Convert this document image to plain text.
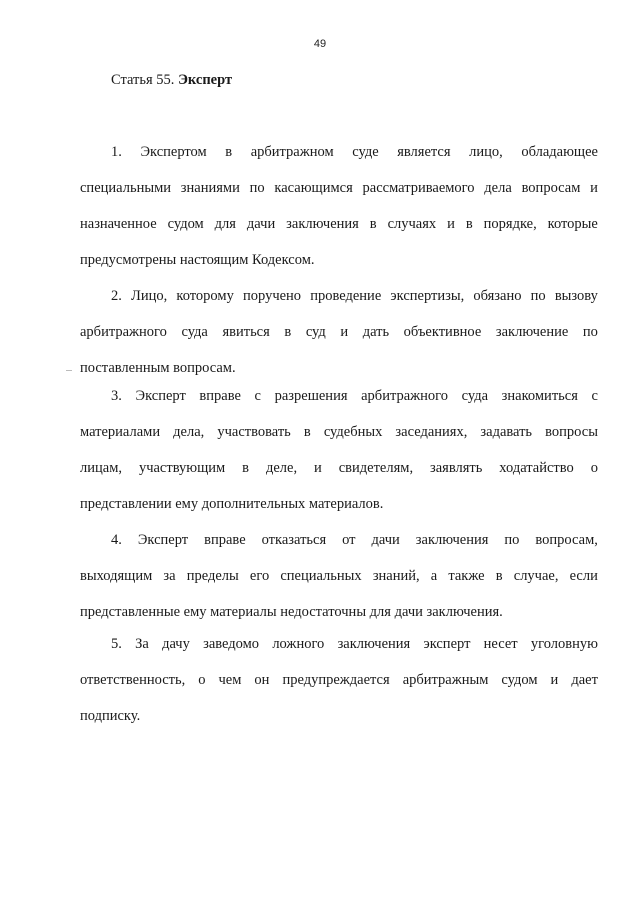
49
Статья 55. Эксперт
1. Экспертом в арбитражном суде является лицо, обладающее
специальными знаниями по касающимся рассматриваемого дела вопросам и
назначенное судом для дачи заключения в случаях и в порядке, которые
предусмотрены настоящим Кодексом.
2. Лицо, которому поручено проведение экспертизы, обязано по вызову
арбитражного суда явиться в суд и дать объективное заключение по
поставленным вопросам.
3. Эксперт вправе с разрешения арбитражного суда знакомиться с
материалами дела, участвовать в судебных заседаниях, задавать вопросы
лицам, участвующим в деле, и свидетелям, заявлять ходатайство о
представлении ему дополнительных материалов.
4. Эксперт вправе отказаться от дачи заключения по вопросам,
выходящим за пределы его специальных знаний, а также в случае, если
представленные ему материалы недостаточны для дачи заключения.
5. За дачу заведомо ложного заключения эксперт несет уголовную
ответственность, о чем он предупреждается арбитражным судом и дает
подписку.
